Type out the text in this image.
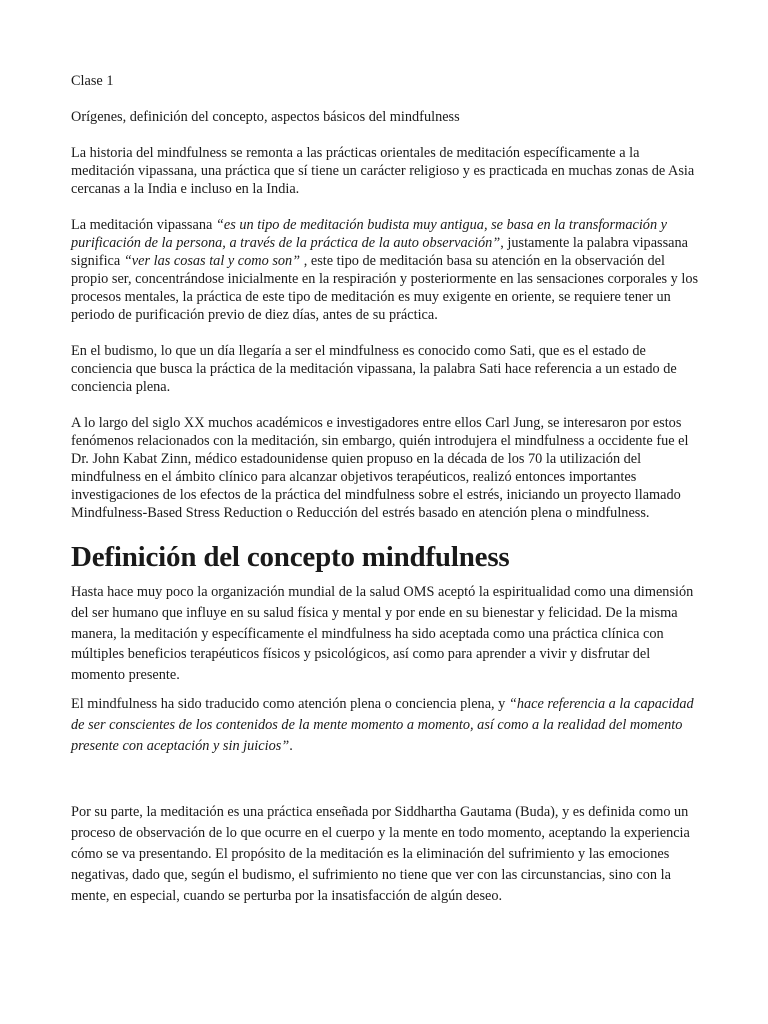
Clase 1

Orígenes, definición del concepto, aspectos básicos del mindfulness

La historia del mindfulness se remonta a las prácticas orientales de meditación específicamente a la meditación vipassana, una práctica que sí tiene un carácter religioso y es practicada en muchas zonas de Asia cercanas a la India e incluso en la India.

La meditación vipassana “es un tipo de meditación budista muy antigua, se basa en la transformación y purificación de la persona, a través de la práctica de la auto observación”, justamente la palabra vipassana significa “ver las cosas tal y como son” , este tipo de meditación basa su atención en la observación del propio ser, concentrándose inicialmente en la respiración y posteriormente en las sensaciones corporales y los procesos mentales, la práctica de este tipo de meditación es muy exigente en oriente, se requiere tener un periodo de purificación previo de diez días, antes de su práctica.

En el budismo, lo que un día llegaría a ser el mindfulness es conocido como Sati, que es el estado de conciencia que busca la práctica de la meditación vipassana, la palabra Sati hace referencia a un estado de conciencia plena.

A lo largo del siglo XX muchos académicos e investigadores entre ellos Carl Jung, se interesaron por estos fenómenos relacionados con la meditación, sin embargo, quién introdujera el mindfulness a occidente fue el Dr. John Kabat Zinn, médico estadounidense quien propuso en la década de los 70 la utilización del mindfulness en el ámbito clínico para alcanzar objetivos terapéuticos, realizó entonces importantes investigaciones de los efectos de la práctica del mindfulness sobre el estrés, iniciando un proyecto llamado Mindfulness-Based Stress Reduction o Reducción del estrés basado en atención plena o mindfulness.

Definición del concepto mindfulness

Hasta hace muy poco la organización mundial de la salud OMS aceptó la espiritualidad como una dimensión del ser humano que influye en su salud física y mental y por ende en su bienestar y felicidad. De la misma manera, la meditación y específicamente el mindfulness ha sido aceptada como una práctica clínica con múltiples beneficios terapéuticos físicos y psicológicos, así como para aprender a vivir y disfrutar del momento presente.

El mindfulness ha sido traducido como atención plena o conciencia plena, y “hace referencia a la capacidad de ser conscientes de los contenidos de la mente momento a momento, así como a la realidad del momento presente con aceptación y sin juicios”.

Por su parte, la meditación es una práctica enseñada por Siddhartha Gautama (Buda), y es definida como un proceso de observación de lo que ocurre en el cuerpo y la mente en todo momento, aceptando la experiencia cómo se va presentando. El propósito de la meditación es la eliminación del sufrimiento y las emociones negativas, dado que, según el budismo, el sufrimiento no tiene que ver con las circunstancias, sino con la mente, en especial, cuando se perturba por la insatisfacción de algún deseo.
